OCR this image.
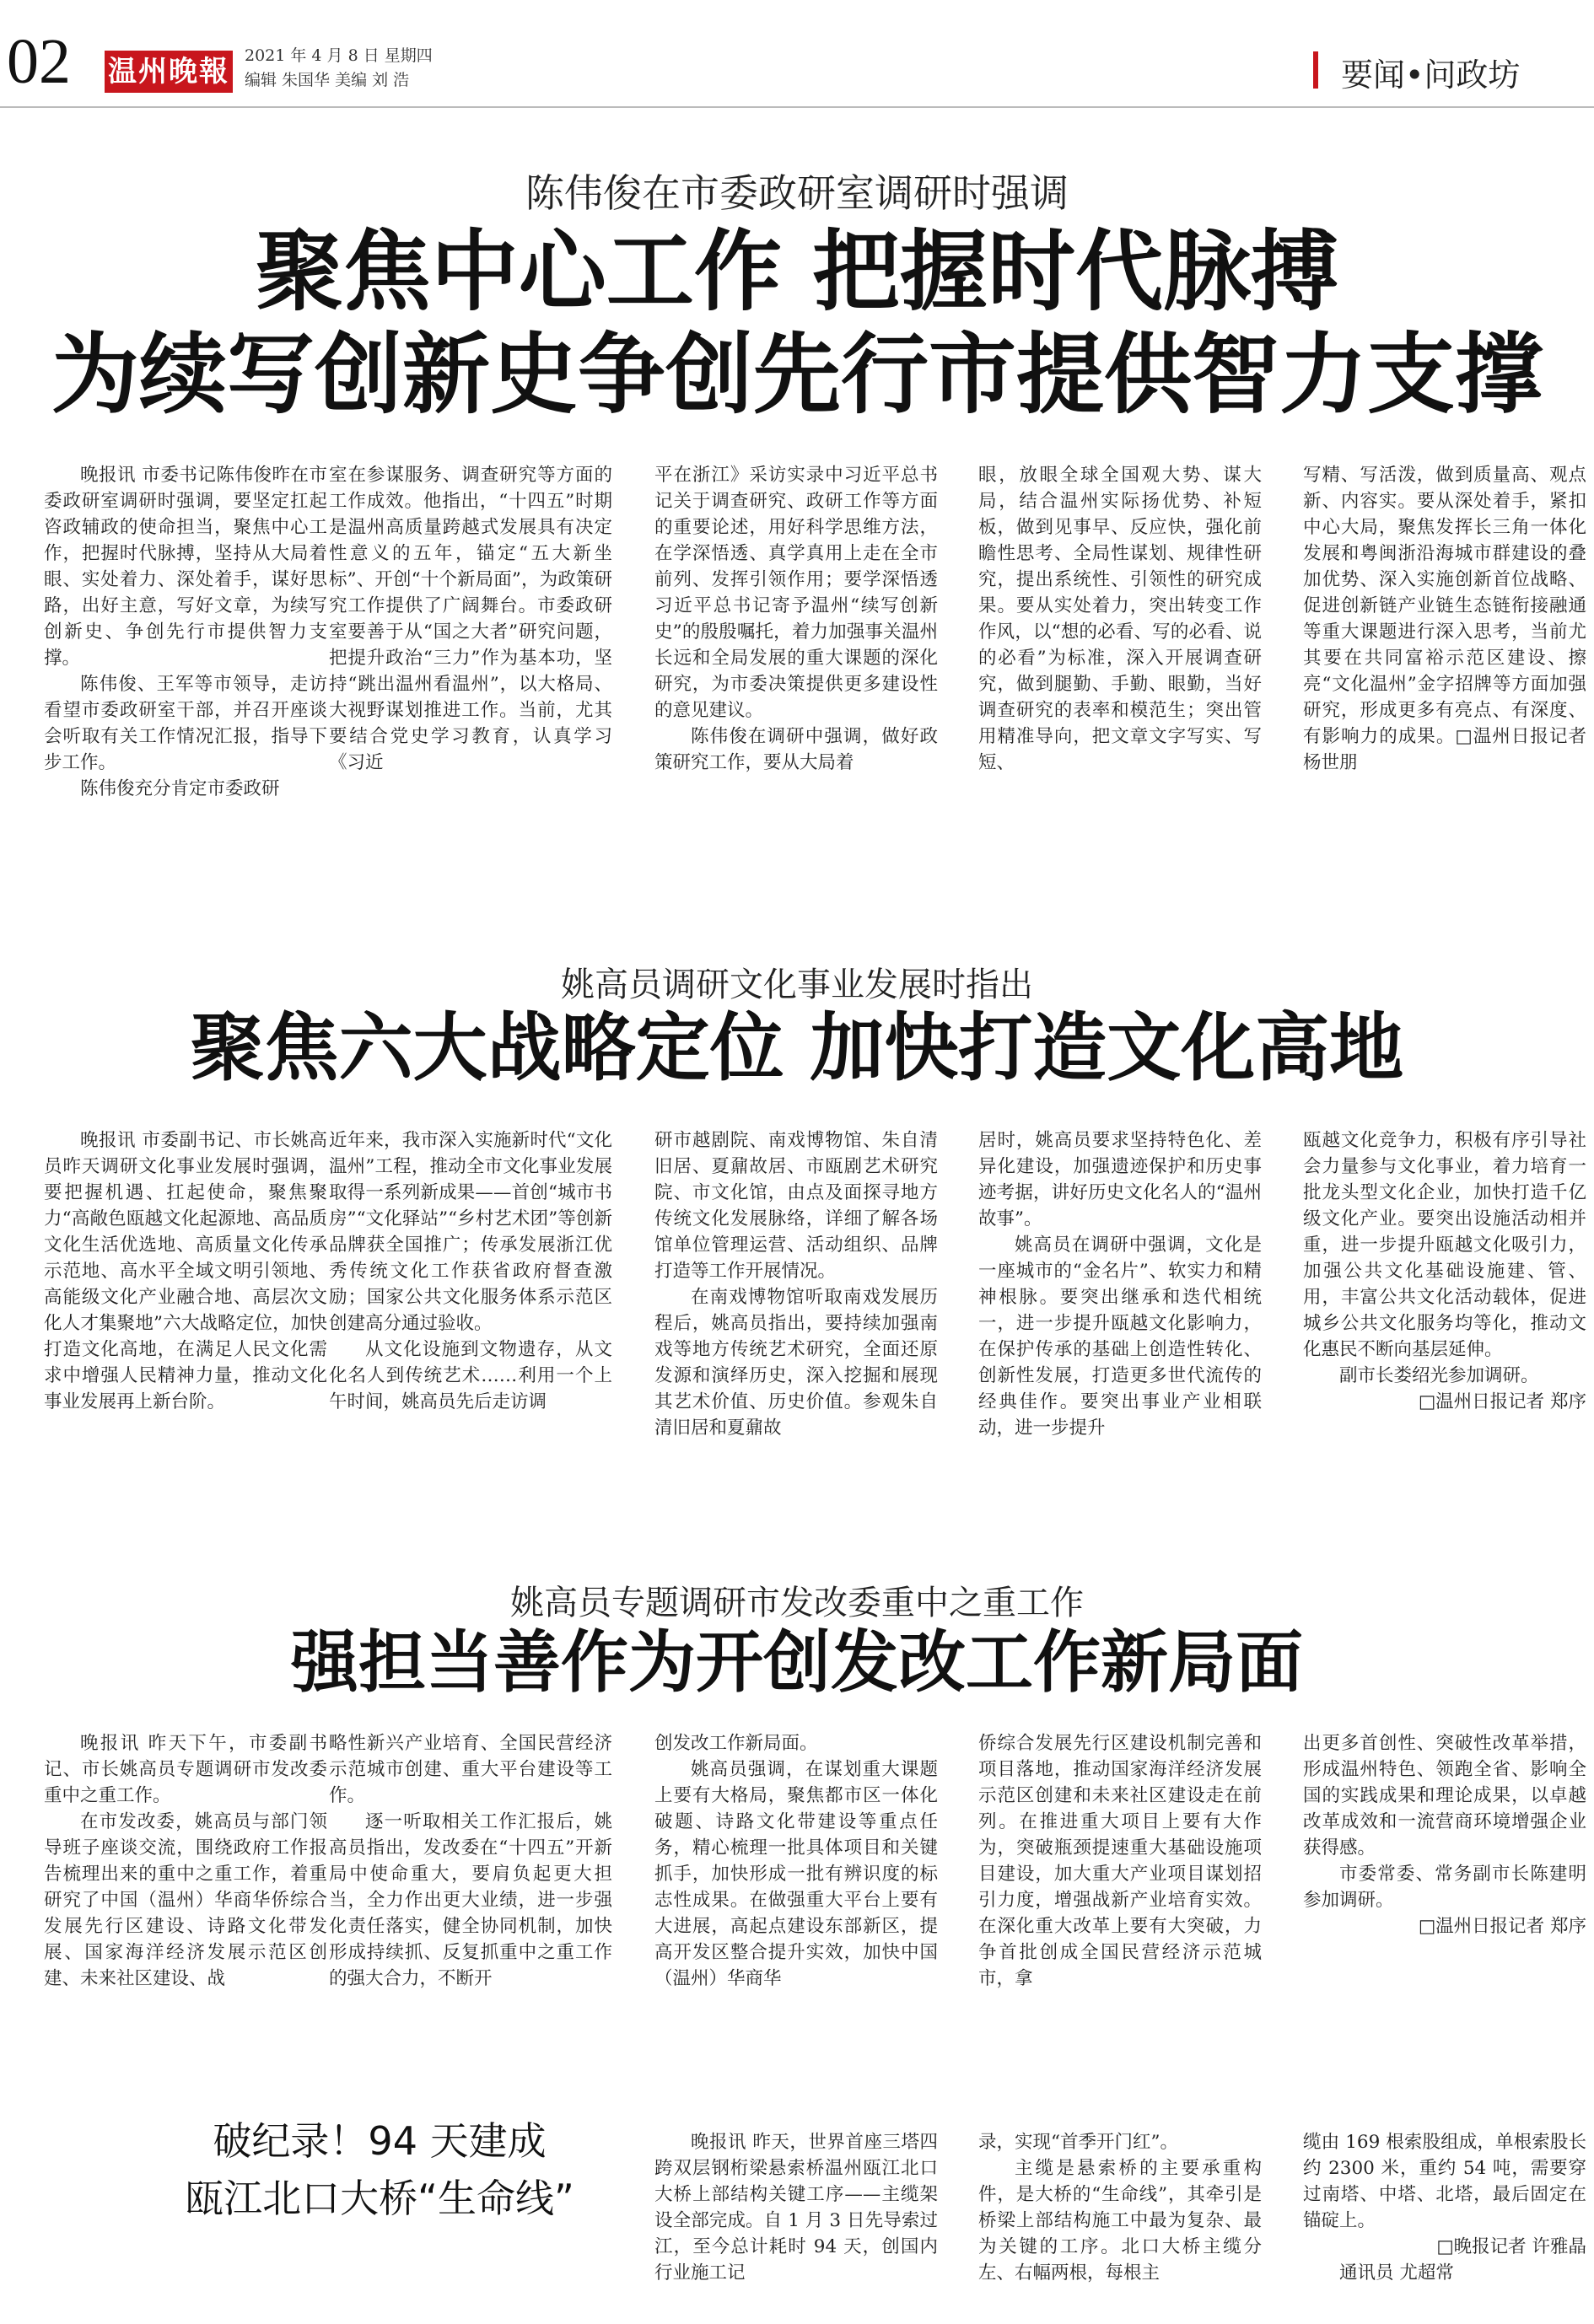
02 温州晚報 2021 年 4 月 8 日 星期四
编辑 朱国华 美编 刘 浩	要闻•问政坊
陈伟俊在市委政研室调研时强调
聚焦中心工作 把握时代脉搏
为续写创新史争创先行市提供智力支撑

晚报讯 市委书记陈伟俊昨在市委政研室调研时强调，要坚定扛起咨政辅政的使命担当，聚焦中心工作，把握时代脉搏，坚持从大局着眼、实处着力、深处着手，谋好思路，出好主意，写好文章，为续写创新史、争创先行市提供智力支撑。

陈伟俊、王军等市领导，走访看望市委政研室干部，并召开座谈会听取有关工作情况汇报，指导下步工作。

陈伟俊充分肯定市委政研

室在参谋服务、调查研究等方面的工作成效。他指出，“十四五”时期是温州高质量跨越式发展具有决定性意义的五年，锚定“五大新坐标”、开创“十个新局面”，为政策研究工作提供了广阔舞台。市委政研室要善于从“国之大者”研究问题，把提升政治“三力”作为基本功，坚持“跳出温州看温州”，以大格局、大视野谋划推进工作。当前，尤其要结合党史学习教育，认真学习《习近

平在浙江》采访实录中习近平总书记关于调查研究、政研工作等方面的重要论述，用好科学思维方法，在学深悟透、真学真用上走在全市前列、发挥引领作用；要学深悟透习近平总书记寄予温州“续写创新史”的殷殷嘱托，着力加强事关温州长远和全局发展的重大课题的深化研究，为市委决策提供更多建设性的意见建议。

陈伟俊在调研中强调，做好政策研究工作，要从大局着

眼，放眼全球全国观大势、谋大局，结合温州实际扬优势、补短板，做到见事早、反应快，强化前瞻性思考、全局性谋划、规律性研究，提出系统性、引领性的研究成果。要从实处着力，突出转变工作作风，以“想的必看、写的必看、说的必看”为标准，深入开展调查研究，做到腿勤、手勤、眼勤，当好调查研究的表率和模范生；突出管用精准导向，把文章文字写实、写短、

写精、写活泼，做到质量高、观点新、内容实。要从深处着手，紧扣中心大局，聚焦发挥长三角一体化发展和粤闽浙沿海城市群建设的叠加优势、深入实施创新首位战略、促进创新链产业链生态链衔接融通等重大课题进行深入思考，当前尤其要在共同富裕示范区建设、擦亮“文化温州”金字招牌等方面加强研究，形成更多有亮点、有深度、有影响力的成果。□温州日报记者 杨世朋

姚高员调研文化事业发展时指出
聚焦六大战略定位 加快打造文化高地

晚报讯 市委副书记、市长姚高员昨天调研文化事业发展时强调，要把握机遇、扛起使命，聚焦聚力“高敞色瓯越文化起源地、高品质文化生活优选地、高质量文化传承示范地、高水平全域文明引领地、高能级文化产业融合地、高层次文化人才集聚地”六大战略定位，加快打造文化高地，在满足人民文化需求中增强人民精神力量，推动文化事业发展再上新台阶。

近年来，我市深入实施新时代“文化温州”工程，推动全市文化事业发展取得一系列新成果——首创“城市书房”“文化驿站”“乡村艺术团”等创新品牌获全国推广；传承发展浙江优秀传统文化工作获省政府督查激励；国家公共文化服务体系示范区创建高分通过验收。

从文化设施到文物遗存，从文化名人到传统艺术……利用一个上午时间，姚高员先后走访调

研市越剧院、南戏博物馆、朱自清旧居、夏鼐故居、市瓯剧艺术研究院、市文化馆，由点及面探寻地方传统文化发展脉络，详细了解各场馆单位管理运营、活动组织、品牌打造等工作开展情况。

在南戏博物馆听取南戏发展历程后，姚高员指出，要持续加强南戏等地方传统艺术研究，全面还原发源和演绎历史，深入挖掘和展现其艺术价值、历史价值。参观朱自清旧居和夏鼐故

居时，姚高员要求坚持特色化、差异化建设，加强遗迹保护和历史事迹考据，讲好历史文化名人的“温州故事”。

姚高员在调研中强调，文化是一座城市的“金名片”、软实力和精神根脉。要突出继承和迭代相统一，进一步提升瓯越文化影响力，在保护传承的基础上创造性转化、创新性发展，打造更多世代流传的经典佳作。要突出事业产业相联动，进一步提升

瓯越文化竞争力，积极有序引导社会力量参与文化事业，着力培育一批龙头型文化企业，加快打造千亿级文化产业。要突出设施活动相并重，进一步提升瓯越文化吸引力，加强公共文化基础设施建、管、用，丰富公共文化活动载体，促进城乡公共文化服务均等化，推动文化惠民不断向基层延伸。

副市长娄绍光参加调研。

□温州日报记者 郑序

姚高员专题调研市发改委重中之重工作
强担当善作为开创发改工作新局面

晚报讯 昨天下午，市委副书记、市长姚高员专题调研市发改委重中之重工作。

在市发改委，姚高员与部门领导班子座谈交流，围绕政府工作报告梳理出来的重中之重工作，着重研究了中国（温州）华商华侨综合发展先行区建设、诗路文化带发展、国家海洋经济发展示范区创建、未来社区建设、战

略性新兴产业培育、全国民营经济示范城市创建、重大平台建设等工作。

逐一听取相关工作汇报后，姚高员指出，发改委在“十四五”开新局中使命重大，要肩负起更大担当，全力作出更大业绩，进一步强化责任落实，健全协同机制，加快形成持续抓、反复抓重中之重工作的强大合力，不断开

创发改工作新局面。

姚高员强调，在谋划重大课题上要有大格局，聚焦都市区一体化破题、诗路文化带建设等重点任务，精心梳理一批具体项目和关键抓手，加快形成一批有辨识度的标志性成果。在做强重大平台上要有大进展，高起点建设东部新区，提高开发区整合提升实效，加快中国（温州）华商华

侨综合发展先行区建设机制完善和项目落地，推动国家海洋经济发展示范区创建和未来社区建设走在前列。在推进重大项目上要有大作为，突破瓶颈提速重大基础设施项目建设，加大重大产业项目谋划招引力度，增强战新产业培育实效。在深化重大改革上要有大突破，力争首批创成全国民营经济示范城市，拿

出更多首创性、突破性改革举措，形成温州特色、领跑全省、影响全国的实践成果和理论成果，以卓越改革成效和一流营商环境增强企业获得感。

市委常委、常务副市长陈建明参加调研。

□温州日报记者 郑序

破纪录！94 天建成
瓯江北口大桥“生命线”

晚报讯 昨天，世界首座三塔四跨双层钢桁梁悬索桥温州瓯江北口大桥上部结构关键工序——主缆架设全部完成。自 1 月 3 日先导索过江，至今总计耗时 94 天，创国内行业施工记

录，实现“首季开门红”。

主缆是悬索桥的主要承重构件，是大桥的“生命线”，其牵引是桥梁上部结构施工中最为复杂、最为关键的工序。北口大桥主缆分左、右幅两根，每根主

缆由 169 根索股组成，单根索股长约 2300 米，重约 54 吨，需要穿过南塔、中塔、北塔，最后固定在锚碇上。

□晚报记者 许雅晶

通讯员 尤超常
